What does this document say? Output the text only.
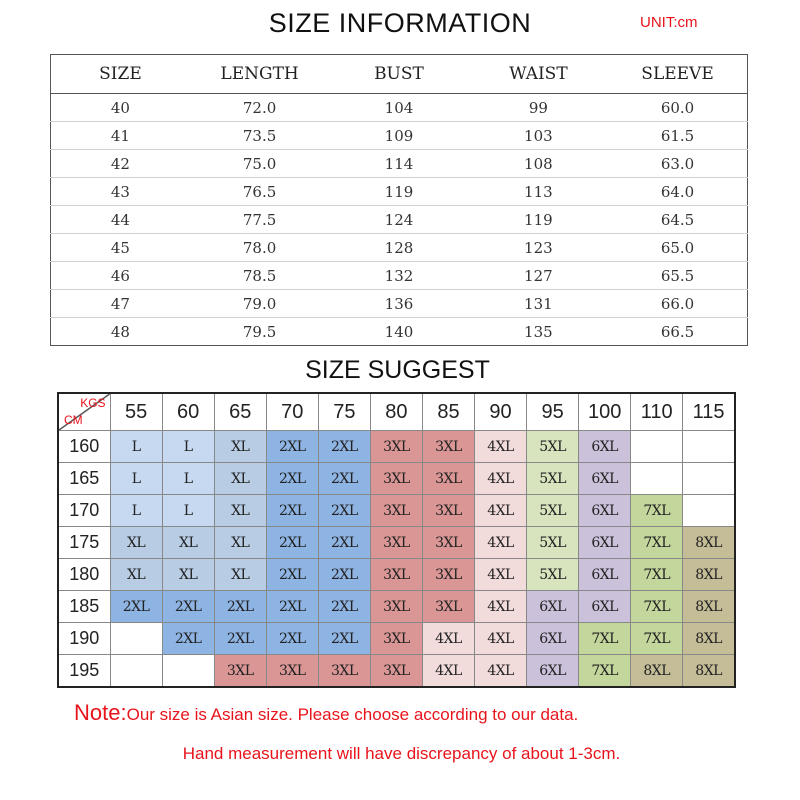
SIZE INFORMATION	UNIT:cm
SIZE	LENGTH	BUST	WAIST	SLEEVE
40	72.0	104	99	60.0
41	73.5	109	103	61.5
42	75.0	114	108	63.0
43	76.5	119	113	64.0
44	77.5	124	119	64.5
45	78.0	128	123	65.0
46	78.5	132	127	65.5
47	79.0	136	131	66.0
48	79.5	140	135	66.5
SIZE SUGGEST
KGS
CM	55	60	65	70	75	80	85	90	95	100	110	115
160	L	L	XL	2XL	2XL	3XL	3XL	4XL	5XL	6XL		
165	L	L	XL	2XL	2XL	3XL	3XL	4XL	5XL	6XL		
170	L	L	XL	2XL	2XL	3XL	3XL	4XL	5XL	6XL	7XL	
175	XL	XL	XL	2XL	2XL	3XL	3XL	4XL	5XL	6XL	7XL	8XL
180	XL	XL	XL	2XL	2XL	3XL	3XL	4XL	5XL	6XL	7XL	8XL
185	2XL	2XL	2XL	2XL	2XL	3XL	3XL	4XL	6XL	6XL	7XL	8XL
190		2XL	2XL	2XL	2XL	3XL	4XL	4XL	6XL	7XL	7XL	8XL
195			3XL	3XL	3XL	3XL	4XL	4XL	6XL	7XL	8XL	8XL
Note:Our size is Asian size. Please choose according to our data.
Hand measurement will have discrepancy of about 1-3cm.
